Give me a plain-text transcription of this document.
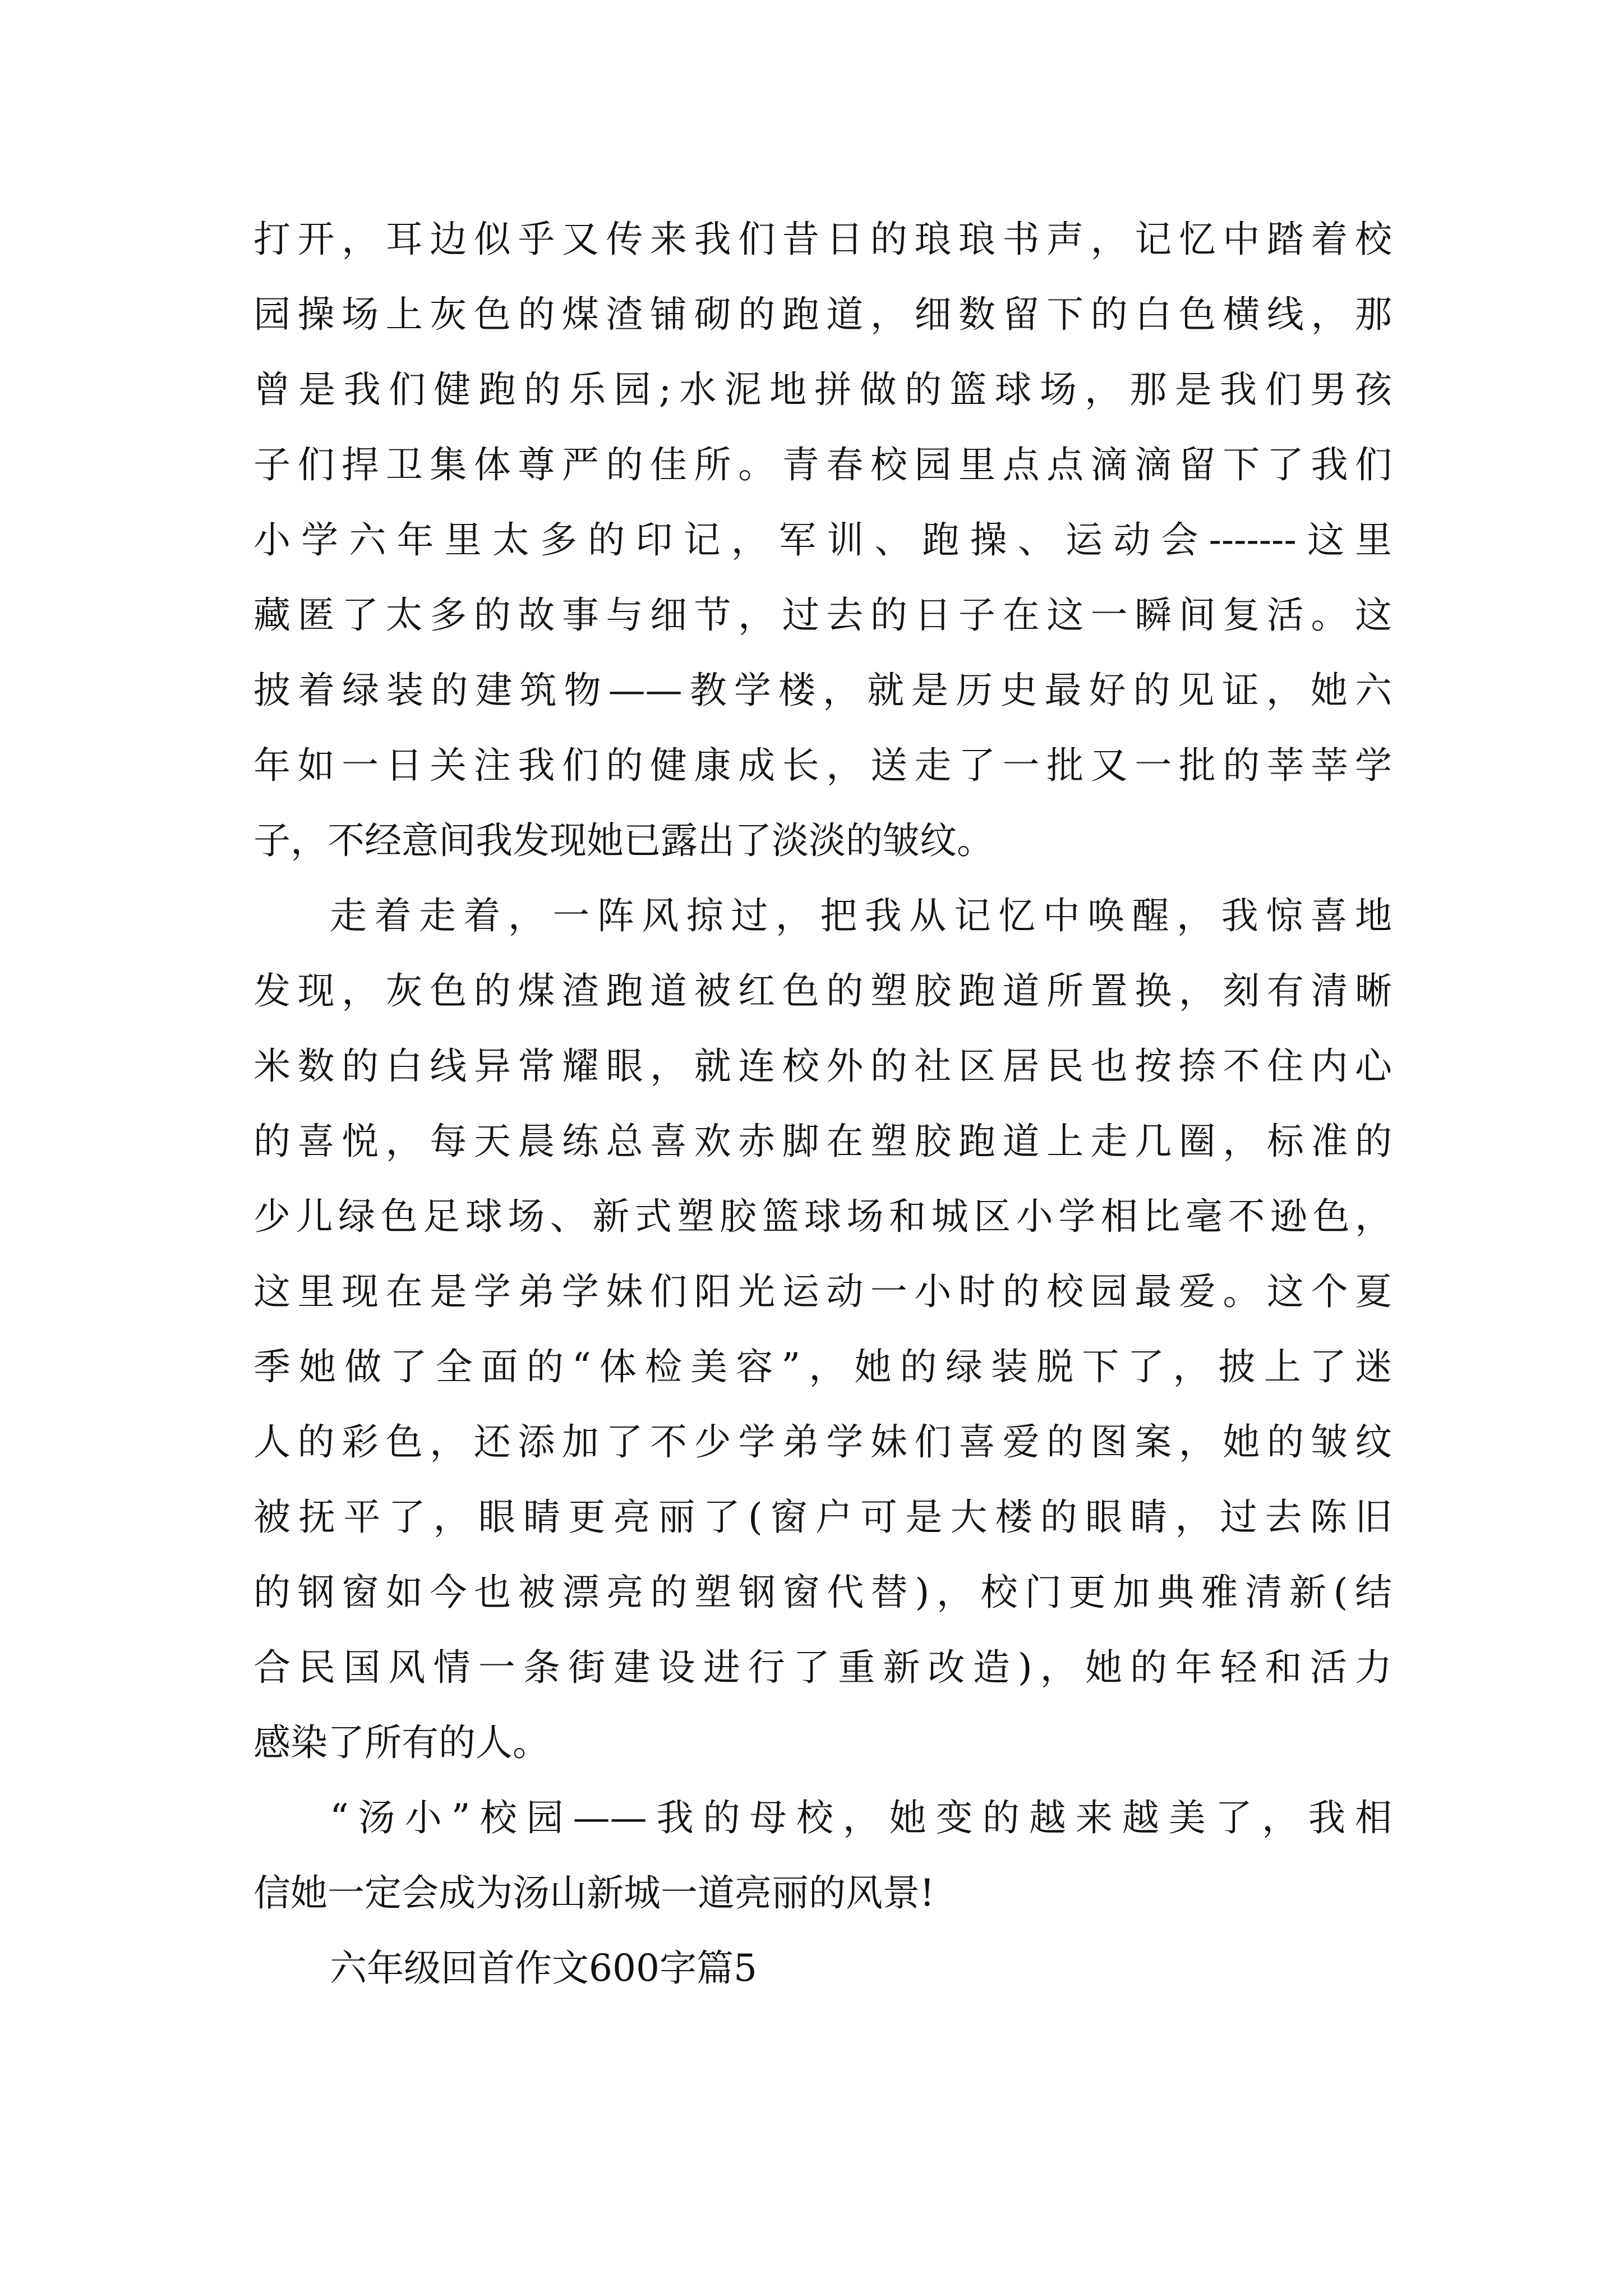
打开，耳边似乎又传来我们昔日的琅琅书声，记忆中踏着校
园操场上灰色的煤渣铺砌的跑道，细数留下的白色横线，那
曾是我们健跑的乐园;水泥地拼做的篮球场，那是我们男孩
子们捍卫集体尊严的佳所。青春校园里点点滴滴留下了我们
小学六年里太多的印记，军训、跑操、运动会-------这里
藏匿了太多的故事与细节，过去的日子在这一瞬间复活。这
披着绿装的建筑物——教学楼，就是历史最好的见证，她六
年如一日关注我们的健康成长，送走了一批又一批的莘莘学
子，不经意间我发现她已露出了淡淡的皱纹。
走着走着，一阵风掠过，把我从记忆中唤醒，我惊喜地
发现，灰色的煤渣跑道被红色的塑胶跑道所置换，刻有清晰
米数的白线异常耀眼，就连校外的社区居民也按捺不住内心
的喜悦，每天晨练总喜欢赤脚在塑胶跑道上走几圈，标准的
少儿绿色足球场、新式塑胶篮球场和城区小学相比毫不逊色，
这里现在是学弟学妹们阳光运动一小时的校园最爱。这个夏
季她做了全面的“体检美容”，她的绿装脱下了，披上了迷
人的彩色，还添加了不少学弟学妹们喜爱的图案，她的皱纹
被抚平了，眼睛更亮丽了(窗户可是大楼的眼睛，过去陈旧
的钢窗如今也被漂亮的塑钢窗代替)，校门更加典雅清新(结
合民国风情一条街建设进行了重新改造)，她的年轻和活力
感染了所有的人。
“汤小”校园——我的母校，她变的越来越美了，我相
信她一定会成为汤山新城一道亮丽的风景!
六年级回首作文600字篇5
